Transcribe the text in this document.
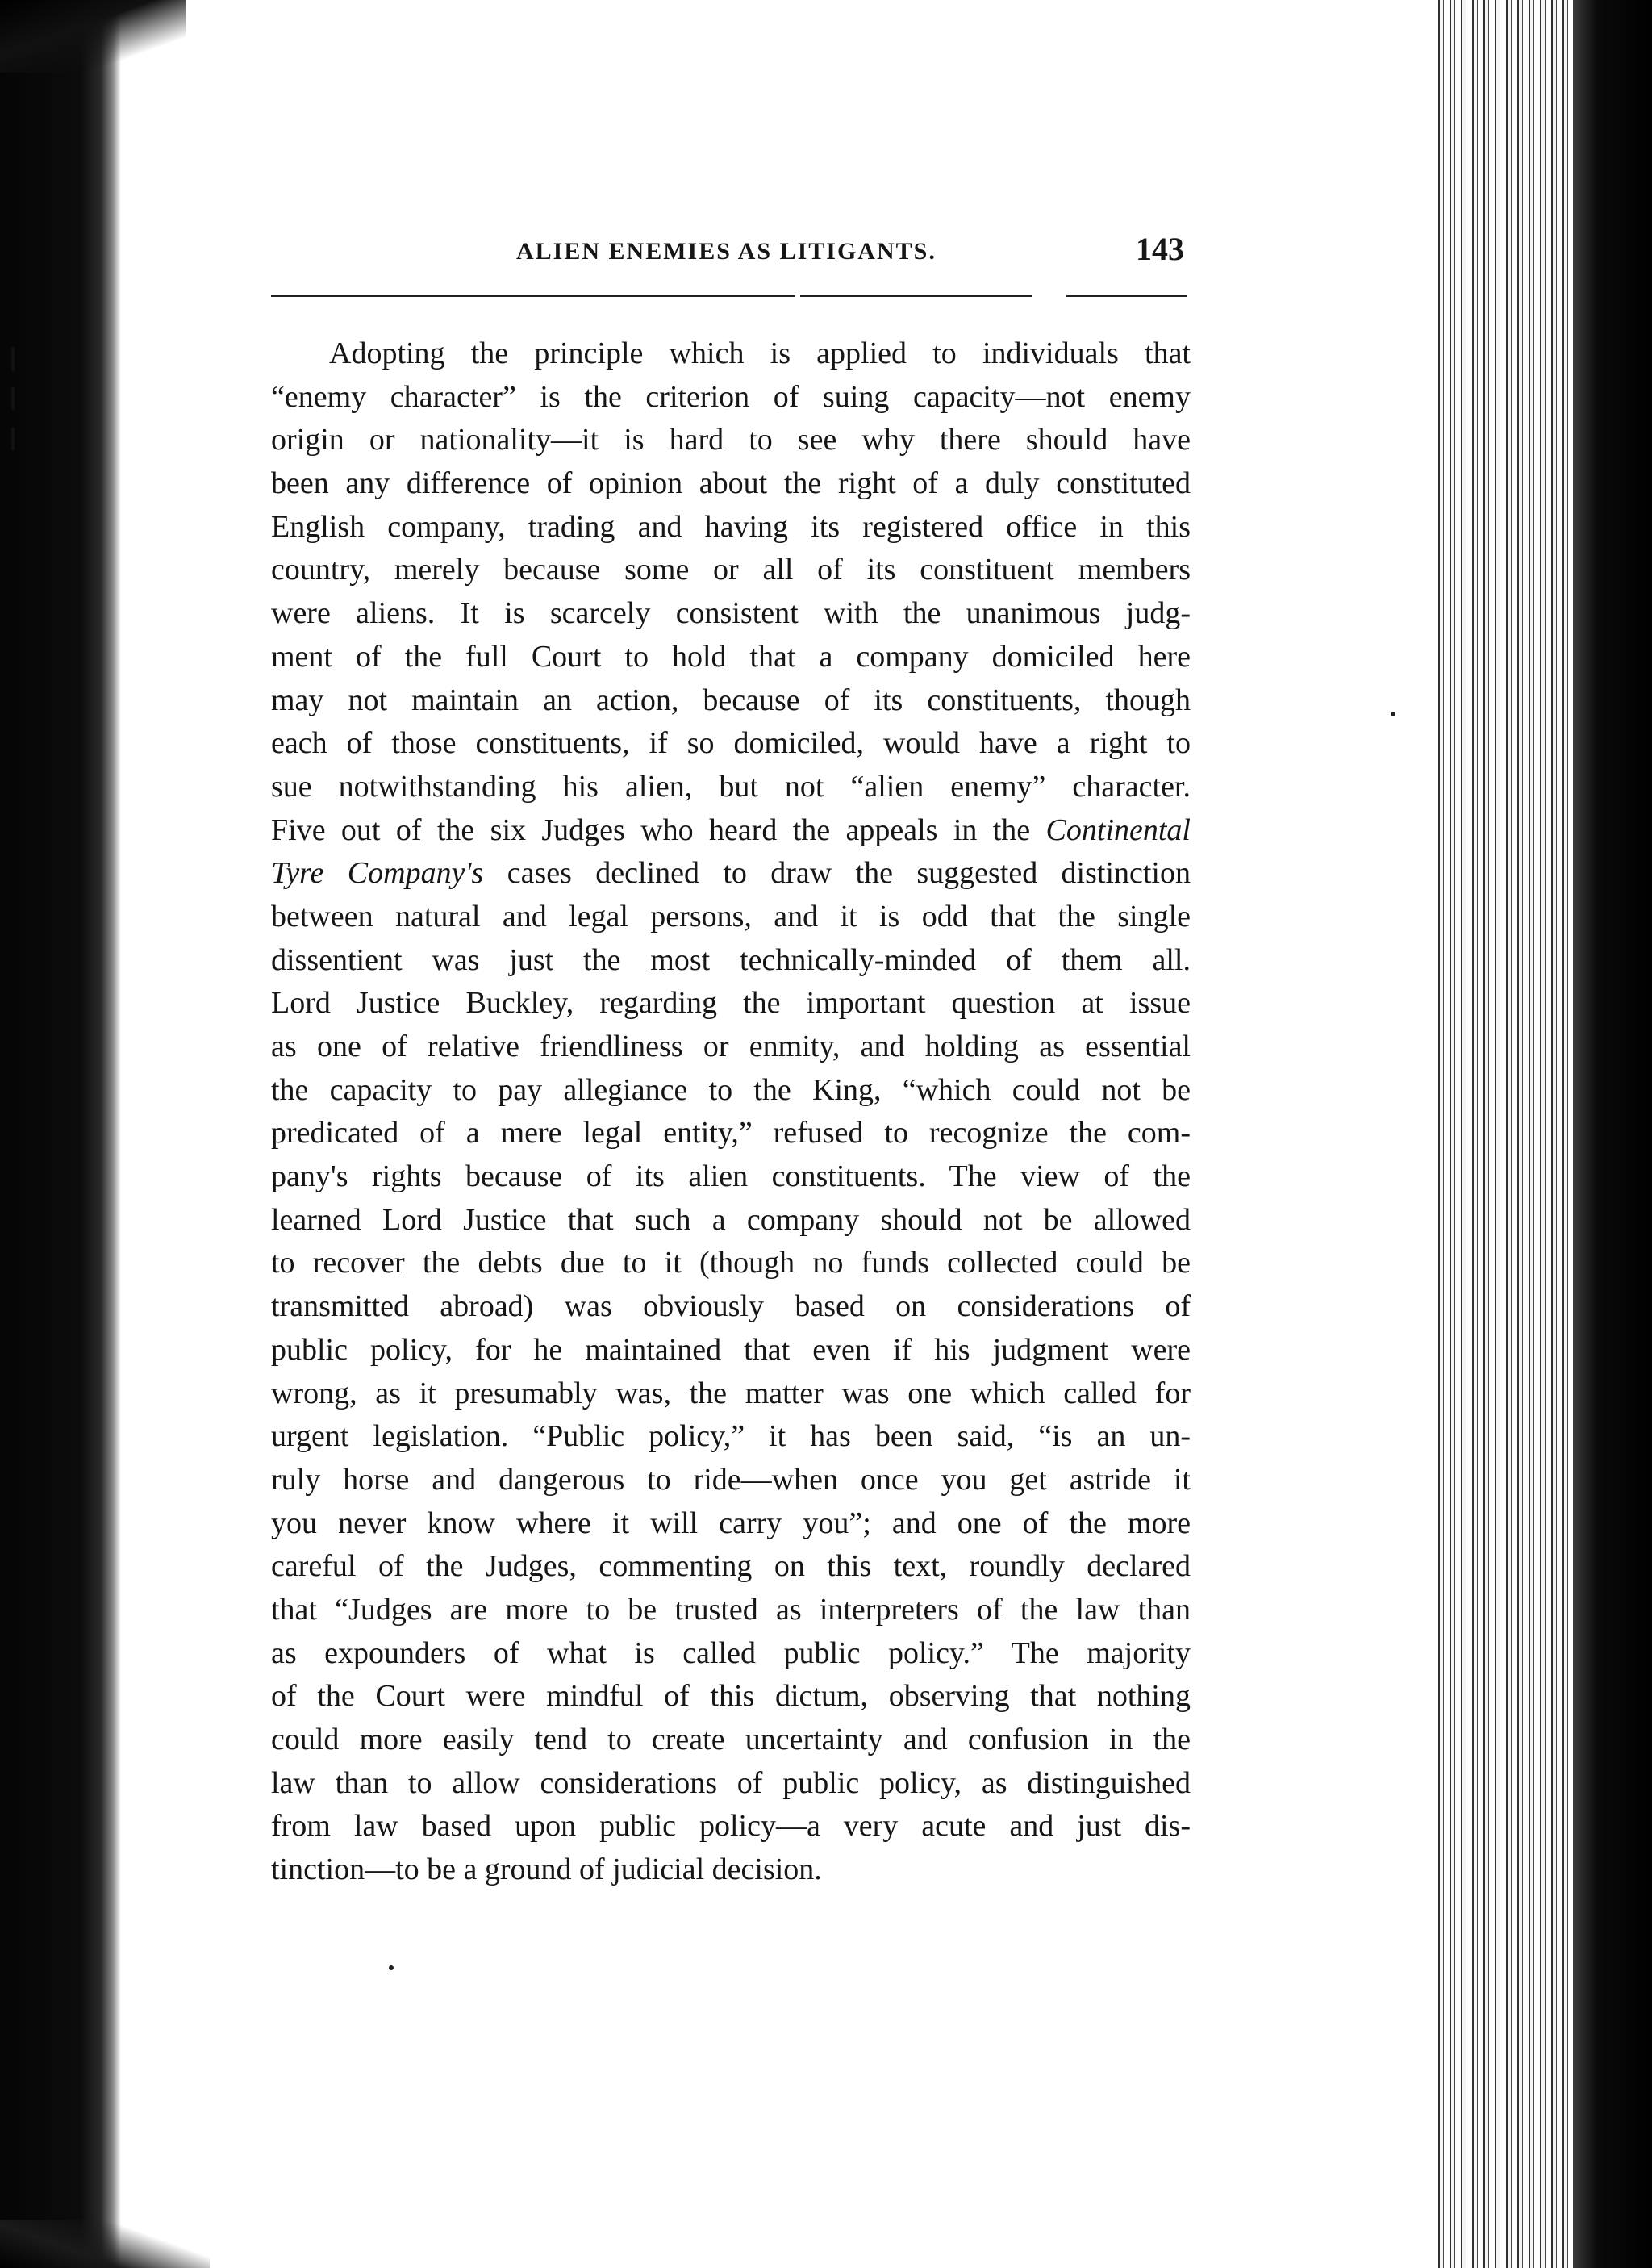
ALIEN ENEMIES AS LITIGANTS.	143
Adopting the principle which is applied to individuals that
“enemy character” is the criterion of suing capacity—not enemy
origin or nationality—it is hard to see why there should have
been any difference of opinion about the right of a duly constituted
English company, trading and having its registered office in this
country, merely because some or all of its constituent members
were aliens. It is scarcely consistent with the unanimous judg-
ment of the full Court to hold that a company domiciled here
may not maintain an action, because of its constituents, though
each of those constituents, if so domiciled, would have a right to
sue notwithstanding his alien, but not “alien enemy” character.
Five out of the six Judges who heard the appeals in the Continental
Tyre Company's cases declined to draw the suggested distinction
between natural and legal persons, and it is odd that the single
dissentient was just the most technically-minded of them all.
Lord Justice Buckley, regarding the important question at issue
as one of relative friendliness or enmity, and holding as essential
the capacity to pay allegiance to the King, “which could not be
predicated of a mere legal entity,” refused to recognize the com-
pany's rights because of its alien constituents. The view of the
learned Lord Justice that such a company should not be allowed
to recover the debts due to it (though no funds collected could be
transmitted abroad) was obviously based on considerations of
public policy, for he maintained that even if his judgment were
wrong, as it presumably was, the matter was one which called for
urgent legislation. “Public policy,” it has been said, “is an un-
ruly horse and dangerous to ride—when once you get astride it
you never know where it will carry you”; and one of the more
careful of the Judges, commenting on this text, roundly declared
that “Judges are more to be trusted as interpreters of the law than
as expounders of what is called public policy.” The majority
of the Court were mindful of this dictum, observing that nothing
could more easily tend to create uncertainty and confusion in the
law than to allow considerations of public policy, as distinguished
from law based upon public policy—a very acute and just dis-
tinction—to be a ground of judicial decision.
